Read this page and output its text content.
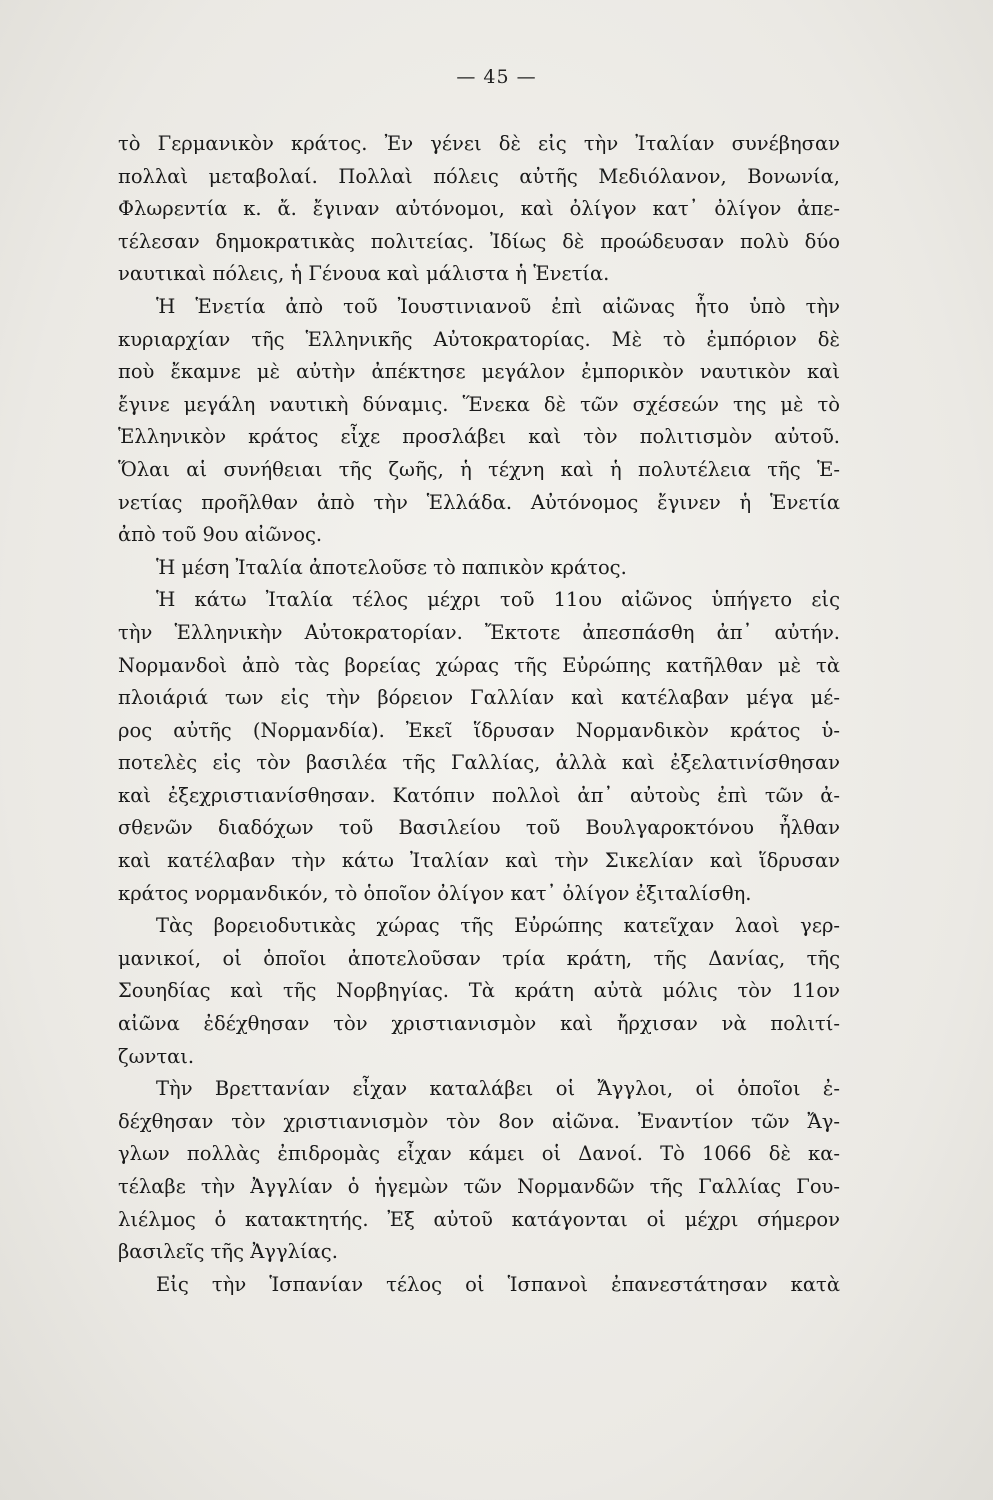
— 45 —
τὸ Γερμανικὸν κράτος. Ἐν γένει δὲ εἰς τὴν Ἰταλίαν συνέβησαν
πολλαὶ μεταβολαί. Πολλαὶ πόλεις αὐτῆς Μεδιόλανον, Βονωνία,
Φλωρεντία κ. ἄ. ἔγιναν αὐτόνομοι, καὶ ὀλίγον κατ᾽ ὀλίγον ἀπε-
τέλεσαν δημοκρατικὰς πολιτείας. Ἰδίως δὲ προώδευσαν πολὺ δύο
ναυτικαὶ πόλεις, ἡ Γένουα καὶ μάλιστα ἡ Ἑνετία.
Ἡ Ἑνετία ἀπὸ τοῦ Ἰουστινιανοῦ ἐπὶ αἰῶνας ἦτο ὑπὸ τὴν
κυριαρχίαν τῆς Ἑλληνικῆς Αὐτοκρατορίας. Μὲ τὸ ἐμπόριον δὲ
ποὺ ἔκαμνε μὲ αὐτὴν ἀπέκτησε μεγάλον ἐμπορικὸν ναυτικὸν καὶ
ἔγινε μεγάλη ναυτικὴ δύναμις. Ἕνεκα δὲ τῶν σχέσεών της μὲ τὸ
Ἑλληνικὸν κράτος εἶχε προσλάβει καὶ τὸν πολιτισμὸν αὐτοῦ.
Ὅλαι αἱ συνήθειαι τῆς ζωῆς, ἡ τέχνη καὶ ἡ πολυτέλεια τῆς Ἑ-
νετίας προῆλθαν ἀπὸ τὴν Ἑλλάδα. Αὐτόνομος ἔγινεν ἡ Ἑνετία
ἀπὸ τοῦ 9ου αἰῶνος.
Ἡ μέση Ἰταλία ἀποτελοῦσε τὸ παπικὸν κράτος.
Ἡ κάτω Ἰταλία τέλος μέχρι τοῦ 11ου αἰῶνος ὑπήγετο εἰς
τὴν Ἑλληνικὴν Αὐτοκρατορίαν. Ἔκτοτε ἀπεσπάσθη ἀπ᾽ αὐτήν.
Νορμανδοὶ ἀπὸ τὰς βορείας χώρας τῆς Εὐρώπης κατῆλθαν μὲ τὰ
πλοιάριά των εἰς τὴν βόρειον Γαλλίαν καὶ κατέλαβαν μέγα μέ-
ρος αὐτῆς (Νορμανδία). Ἐκεῖ ἵδρυσαν Νορμανδικὸν κράτος ὑ-
ποτελὲς εἰς τὸν βασιλέα τῆς Γαλλίας, ἀλλὰ καὶ ἐξελατινίσθησαν
καὶ ἐξεχριστιανίσθησαν. Κατόπιν πολλοὶ ἀπ᾽ αὐτοὺς ἐπὶ τῶν ἀ-
σθενῶν διαδόχων τοῦ Βασιλείου τοῦ Βουλγαροκτόνου ἦλθαν
καὶ κατέλαβαν τὴν κάτω Ἰταλίαν καὶ τὴν Σικελίαν καὶ ἵδρυσαν
κράτος νορμανδικόν, τὸ ὁποῖον ὀλίγον κατ᾽ ὀλίγον ἐξιταλίσθη.
Τὰς βορειοδυτικὰς χώρας τῆς Εὐρώπης κατεῖχαν λαοὶ γερ-
μανικοί, οἱ ὁποῖοι ἀποτελοῦσαν τρία κράτη, τῆς Δανίας, τῆς
Σουηδίας καὶ τῆς Νορβηγίας. Τὰ κράτη αὐτὰ μόλις τὸν 11ον
αἰῶνα ἐδέχθησαν τὸν χριστιανισμὸν καὶ ἤρχισαν νὰ πολιτί-
ζωνται.
Τὴν Βρεττανίαν εἶχαν καταλάβει οἱ Ἄγγλοι, οἱ ὁποῖοι ἐ-
δέχθησαν τὸν χριστιανισμὸν τὸν 8ον αἰῶνα. Ἐναντίον τῶν Ἄγ-
γλων πολλὰς ἐπιδρομὰς εἶχαν κάμει οἱ Δανοί. Τὸ 1066 δὲ κα-
τέλαβε τὴν Ἀγγλίαν ὁ ἡγεμὼν τῶν Νορμανδῶν τῆς Γαλλίας Γου-
λιέλμος ὁ κατακτητής. Ἐξ αὐτοῦ κατάγονται οἱ μέχρι σήμερον
βασιλεῖς τῆς Ἀγγλίας.
Εἰς τὴν Ἱσπανίαν τέλος οἱ Ἱσπανοὶ ἐπανεστάτησαν κατὰ
